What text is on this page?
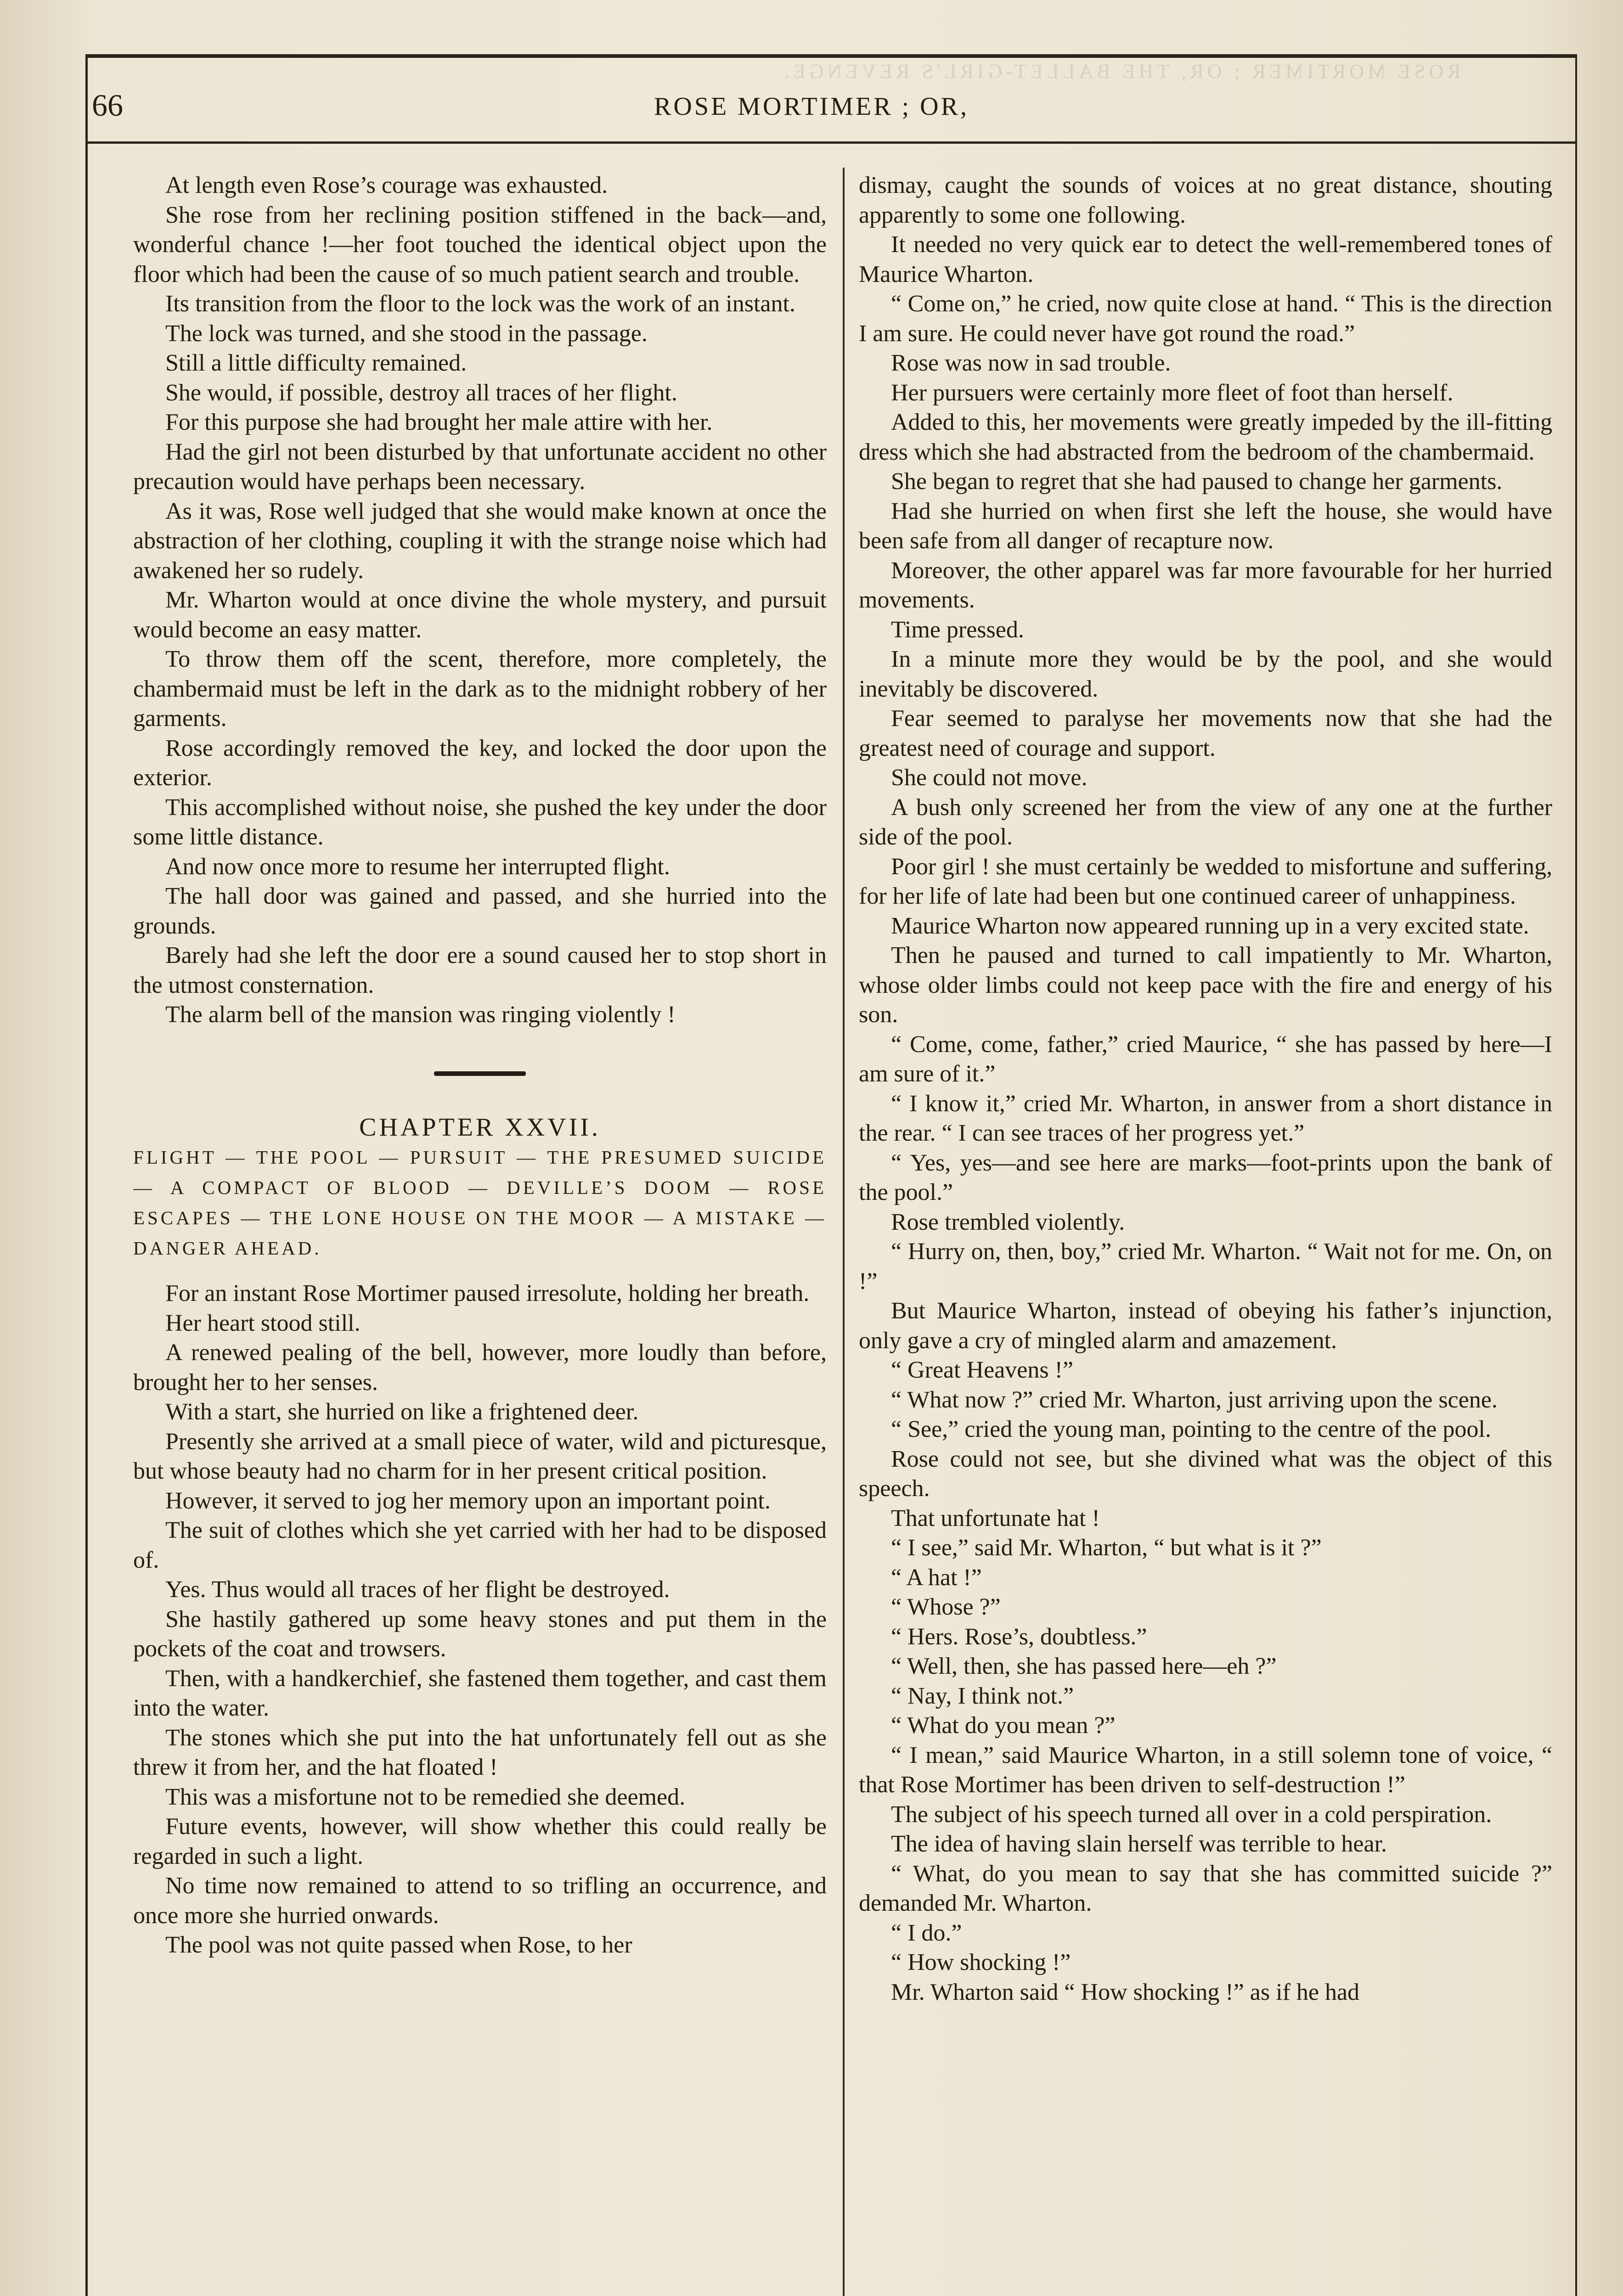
ROSE MORTIMER ; OR, THE BALLET-GIRL'S REVENGE.
66	ROSE MORTIMER ; OR,

At length even Rose’s courage was exhausted.

She rose from her reclining position stiffened in the back—and, wonderful chance !—her foot touched the identical object upon the floor which had been the cause of so much patient search and trouble.

Its transition from the floor to the lock was the work of an instant.

The lock was turned, and she stood in the passage.

Still a little difficulty remained.

She would, if possible, destroy all traces of her flight.

For this purpose she had brought her male attire with her.

Had the girl not been disturbed by that unfortunate accident no other precaution would have perhaps been necessary.

As it was, Rose well judged that she would make known at once the abstraction of her clothing, coupling it with the strange noise which had awakened her so rudely.

Mr. Wharton would at once divine the whole mystery, and pursuit would become an easy matter.

To throw them off the scent, therefore, more completely, the chambermaid must be left in the dark as to the midnight robbery of her garments.

Rose accordingly removed the key, and locked the door upon the exterior.

This accomplished without noise, she pushed the key under the door some little distance.

And now once more to resume her interrupted flight.

The hall door was gained and passed, and she hurried into the grounds.

Barely had she left the door ere a sound caused her to stop short in the utmost consternation.

The alarm bell of the mansion was ringing violently !

CHAPTER XXVII.

FLIGHT — THE POOL — PURSUIT — THE PRESUMED SUICIDE — A COMPACT OF BLOOD — DEVILLE’S DOOM — ROSE ESCAPES — THE LONE HOUSE ON THE MOOR — A MISTAKE — DANGER AHEAD.

For an instant Rose Mortimer paused irresolute, holding her breath.

Her heart stood still.

A renewed pealing of the bell, however, more loudly than before, brought her to her senses.

With a start, she hurried on like a frightened deer.

Presently she arrived at a small piece of water, wild and picturesque, but whose beauty had no charm for in her present critical position.

However, it served to jog her memory upon an important point.

The suit of clothes which she yet carried with her had to be disposed of.

Yes. Thus would all traces of her flight be destroyed.

She hastily gathered up some heavy stones and put them in the pockets of the coat and trowsers.

Then, with a handkerchief, she fastened them together, and cast them into the water.

The stones which she put into the hat unfortunately fell out as she threw it from her, and the hat floated !

This was a misfortune not to be remedied she deemed.

Future events, however, will show whether this could really be regarded in such a light.

No time now remained to attend to so trifling an occurrence, and once more she hurried onwards.

The pool was not quite passed when Rose, to her

dismay, caught the sounds of voices at no great distance, shouting apparently to some one following.

It needed no very quick ear to detect the well-remembered tones of Maurice Wharton.

“ Come on,” he cried, now quite close at hand. “ This is the direction I am sure. He could never have got round the road.”

Rose was now in sad trouble.

Her pursuers were certainly more fleet of foot than herself.

Added to this, her movements were greatly impeded by the ill-fitting dress which she had abstracted from the bedroom of the chambermaid.

She began to regret that she had paused to change her garments.

Had she hurried on when first she left the house, she would have been safe from all danger of recapture now.

Moreover, the other apparel was far more favourable for her hurried movements.

Time pressed.

In a minute more they would be by the pool, and she would inevitably be discovered.

Fear seemed to paralyse her movements now that she had the greatest need of courage and support.

She could not move.

A bush only screened her from the view of any one at the further side of the pool.

Poor girl ! she must certainly be wedded to misfortune and suffering, for her life of late had been but one continued career of unhappiness.

Maurice Wharton now appeared running up in a very excited state.

Then he paused and turned to call impatiently to Mr. Wharton, whose older limbs could not keep pace with the fire and energy of his son.

“ Come, come, father,” cried Maurice, “ she has passed by here—I am sure of it.”

“ I know it,” cried Mr. Wharton, in answer from a short distance in the rear. “ I can see traces of her progress yet.”

“ Yes, yes—and see here are marks—foot-prints upon the bank of the pool.”

Rose trembled violently.

“ Hurry on, then, boy,” cried Mr. Wharton. “ Wait not for me. On, on !”

But Maurice Wharton, instead of obeying his father’s injunction, only gave a cry of mingled alarm and amazement.

“ Great Heavens !”

“ What now ?” cried Mr. Wharton, just arriving upon the scene.

“ See,” cried the young man, pointing to the centre of the pool.

Rose could not see, but she divined what was the object of this speech.

That unfortunate hat !

“ I see,” said Mr. Wharton, “ but what is it ?”

“ A hat !”

“ Whose ?”

“ Hers. Rose’s, doubtless.”

“ Well, then, she has passed here—eh ?”

“ Nay, I think not.”

“ What do you mean ?”

“ I mean,” said Maurice Wharton, in a still solemn tone of voice, “ that Rose Mortimer has been driven to self-destruction !”

The subject of his speech turned all over in a cold perspiration.

The idea of having slain herself was terrible to hear.

“ What, do you mean to say that she has committed suicide ?” demanded Mr. Wharton.

“ I do.”

“ How shocking !”

Mr. Wharton said “ How shocking !” as if he had
